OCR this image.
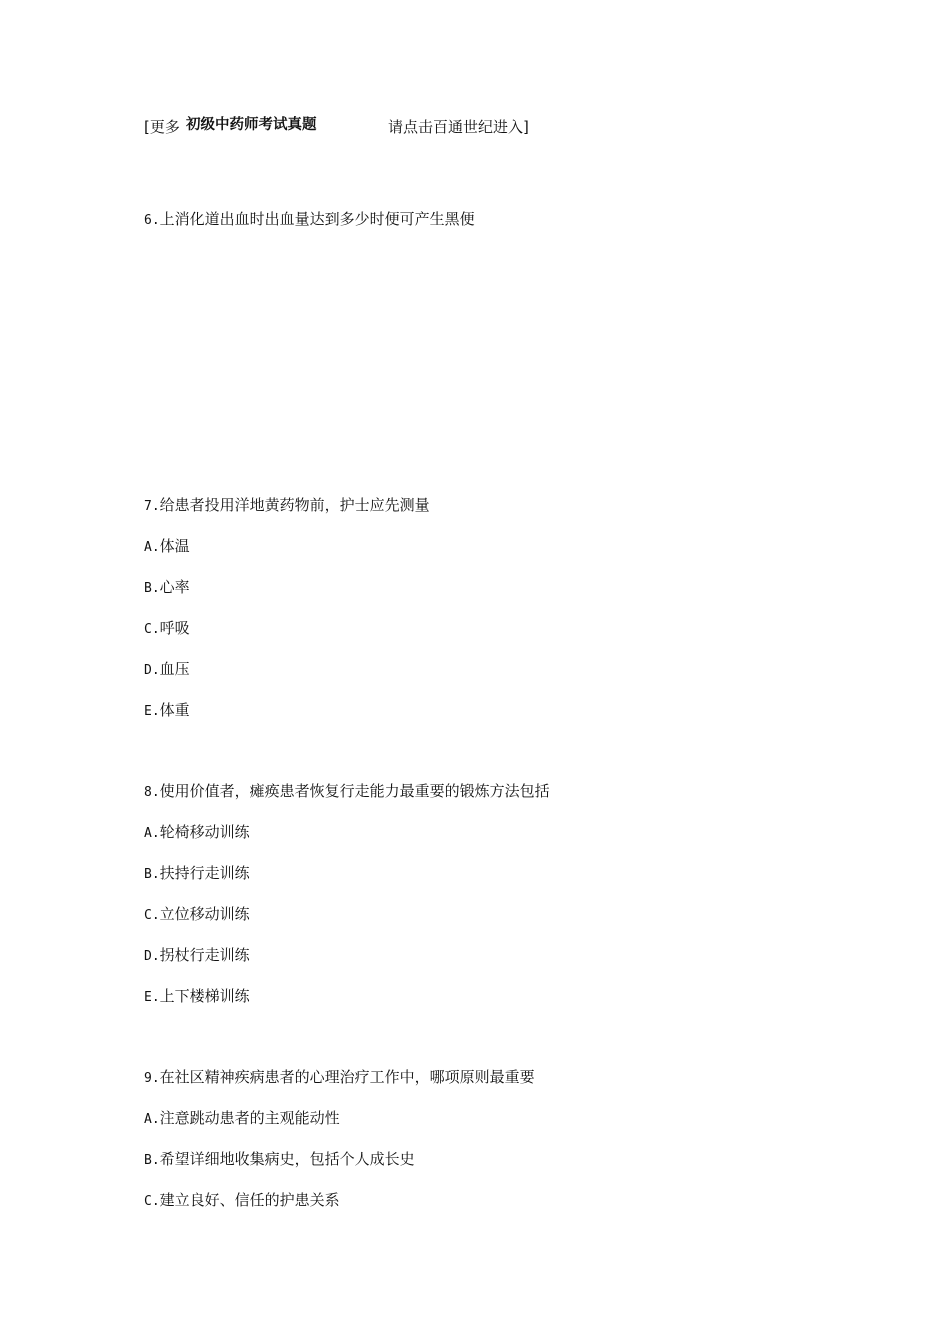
[更多 初级中药师考试真题	请点击百通世纪进入]
6.上消化道出血时出血量达到多少时便可产生黑便
7.给患者投用洋地黄药物前，护士应先测量
A.体温
B.心率
C.呼吸
D.血压
E.体重
8.使用价值者，瘫痪患者恢复行走能力最重要的锻炼方法包括
A.轮椅移动训练
B.扶持行走训练
C.立位移动训练
D.拐杖行走训练
E.上下楼梯训练
9.在社区精神疾病患者的心理治疗工作中，哪项原则最重要
A.注意跳动患者的主观能动性
B.希望详细地收集病史，包括个人成长史
C.建立良好、信任的护患关系
